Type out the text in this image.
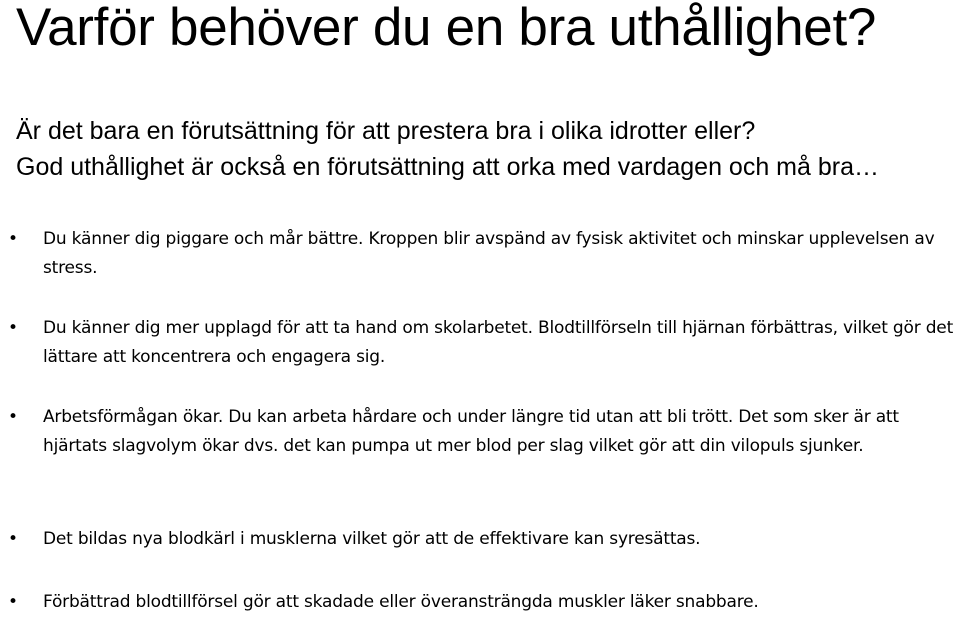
Varför behöver du en bra uthållighet?
Är det bara en förutsättning för att prestera bra i olika idrotter eller?
God uthållighet är också en förutsättning att orka med vardagen och må bra…
• Du känner dig piggare och mår bättre. Kroppen blir avspänd av fysisk aktivitet och minskar upplevelsen av stress.
• Du känner dig mer upplagd för att ta hand om skolarbetet. Blodtillförseln till hjärnan förbättras, vilket gör det lättare att koncentrera och engagera sig.
• Arbetsförmågan ökar. Du kan arbeta hårdare och under längre tid utan att bli trött. Det som sker är att hjärtats slagvolym ökar dvs. det kan pumpa ut mer blod per slag vilket gör att din vilopuls sjunker.
• Det bildas nya blodkärl i musklerna vilket gör att de effektivare kan syresättas.
• Förbättrad blodtillförsel gör att skadade eller överansträngda muskler läker snabbare.
